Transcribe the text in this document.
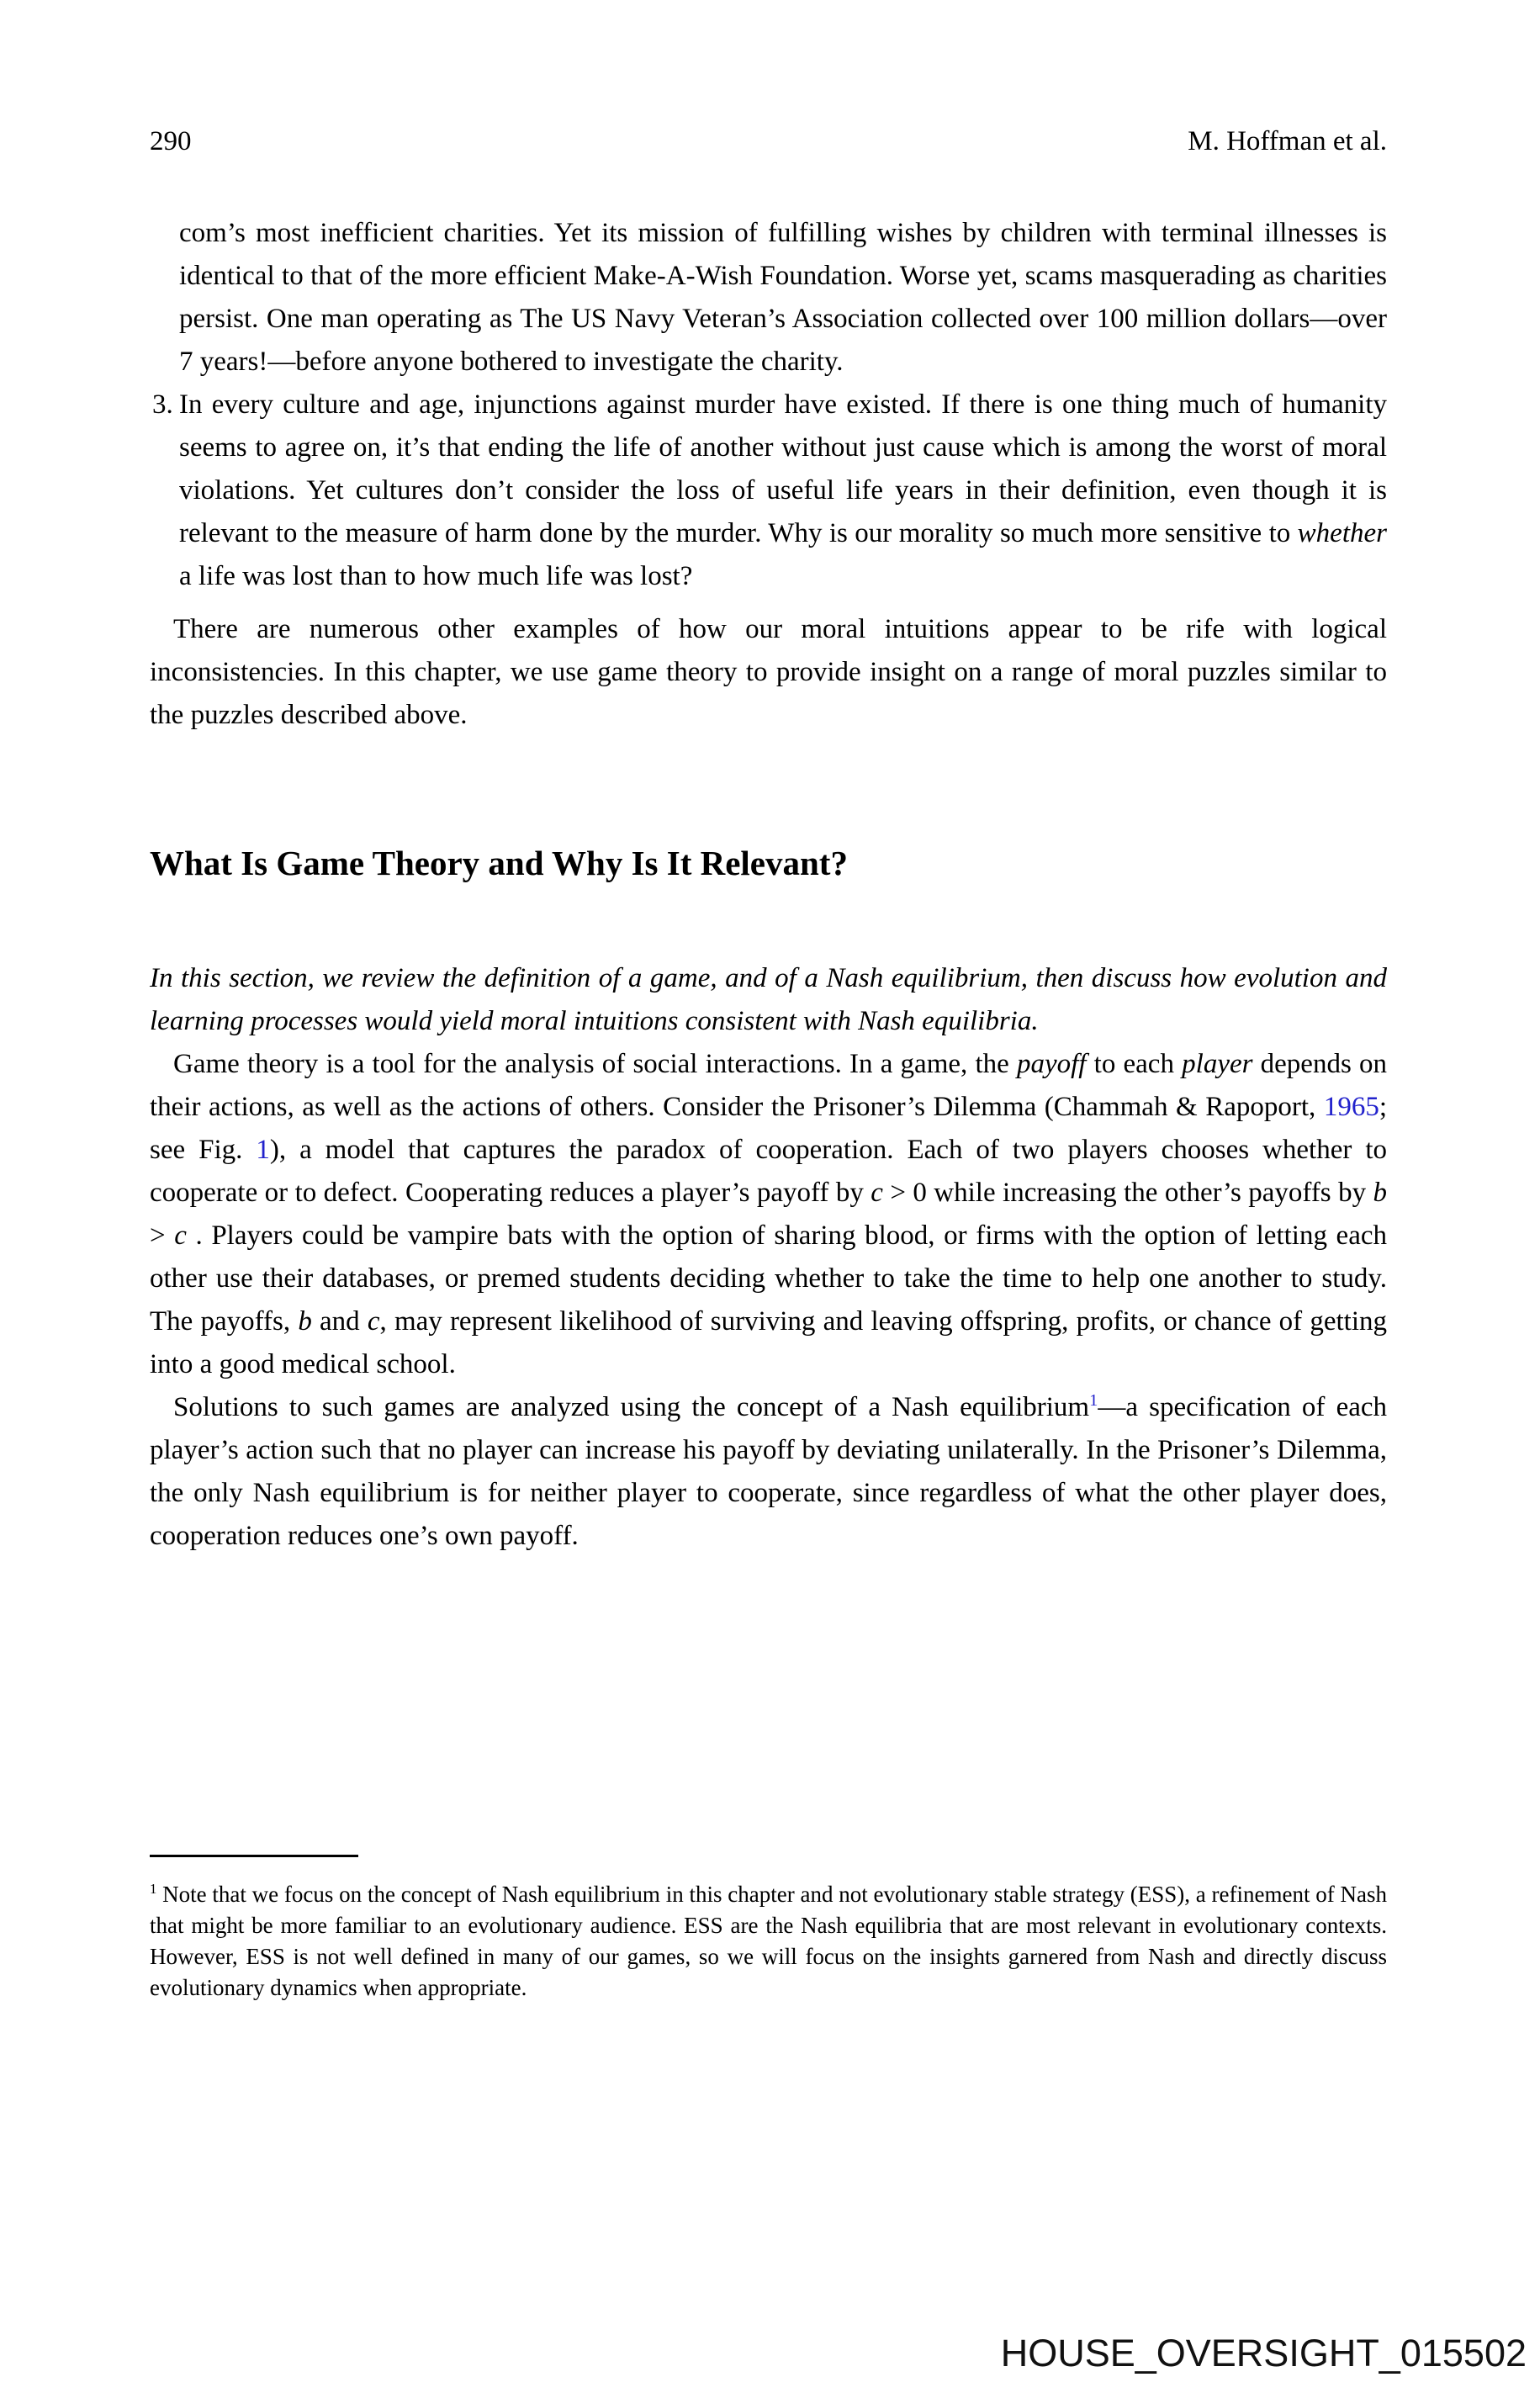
290	M. Hoffman et al.
com’s most inefficient charities. Yet its mission of fulfilling wishes by children with terminal illnesses is identical to that of the more efficient Make-A-Wish Foundation. Worse yet, scams masquerading as charities persist. One man operating as The US Navy Veteran’s Association collected over 100 million dollars—over 7 years!—before anyone bothered to investigate the charity.
3. In every culture and age, injunctions against murder have existed. If there is one thing much of humanity seems to agree on, it’s that ending the life of another without just cause which is among the worst of moral violations. Yet cultures don’t consider the loss of useful life years in their definition, even though it is relevant to the measure of harm done by the murder. Why is our morality so much more sensitive to whether a life was lost than to how much life was lost?

There are numerous other examples of how our moral intuitions appear to be rife with logical inconsistencies. In this chapter, we use game theory to provide insight on a range of moral puzzles similar to the puzzles described above.

What Is Game Theory and Why Is It Relevant?

In this section, we review the definition of a game, and of a Nash equilibrium, then discuss how evolution and learning processes would yield moral intuitions consistent with Nash equilibria.

Game theory is a tool for the analysis of social interactions. In a game, the payoff to each player depends on their actions, as well as the actions of others. Consider the Prisoner’s Dilemma (Chammah & Rapoport, 1965; see Fig. 1), a model that captures the paradox of cooperation. Each of two players chooses whether to cooperate or to defect. Cooperating reduces a player’s payoff by c > 0 while increasing the other’s payoffs by b > c . Players could be vampire bats with the option of sharing blood, or firms with the option of letting each other use their databases, or premed students deciding whether to take the time to help one another to study. The payoffs, b and c, may represent likelihood of surviving and leaving offspring, profits, or chance of getting into a good medical school.

Solutions to such games are analyzed using the concept of a Nash equilibrium$^1$—a specification of each player’s action such that no player can increase his payoff by deviating unilaterally. In the Prisoner’s Dilemma, the only Nash equilibrium is for neither player to cooperate, since regardless of what the other player does, cooperation reduces one’s own payoff.

$^1$ Note that we focus on the concept of Nash equilibrium in this chapter and not evolutionary stable strategy (ESS), a refinement of Nash that might be more familiar to an evolutionary audience. ESS are the Nash equilibria that are most relevant in evolutionary contexts. However, ESS is not well defined in many of our games, so we will focus on the insights garnered from Nash and directly discuss evolutionary dynamics when appropriate.

HOUSE_OVERSIGHT_015502
